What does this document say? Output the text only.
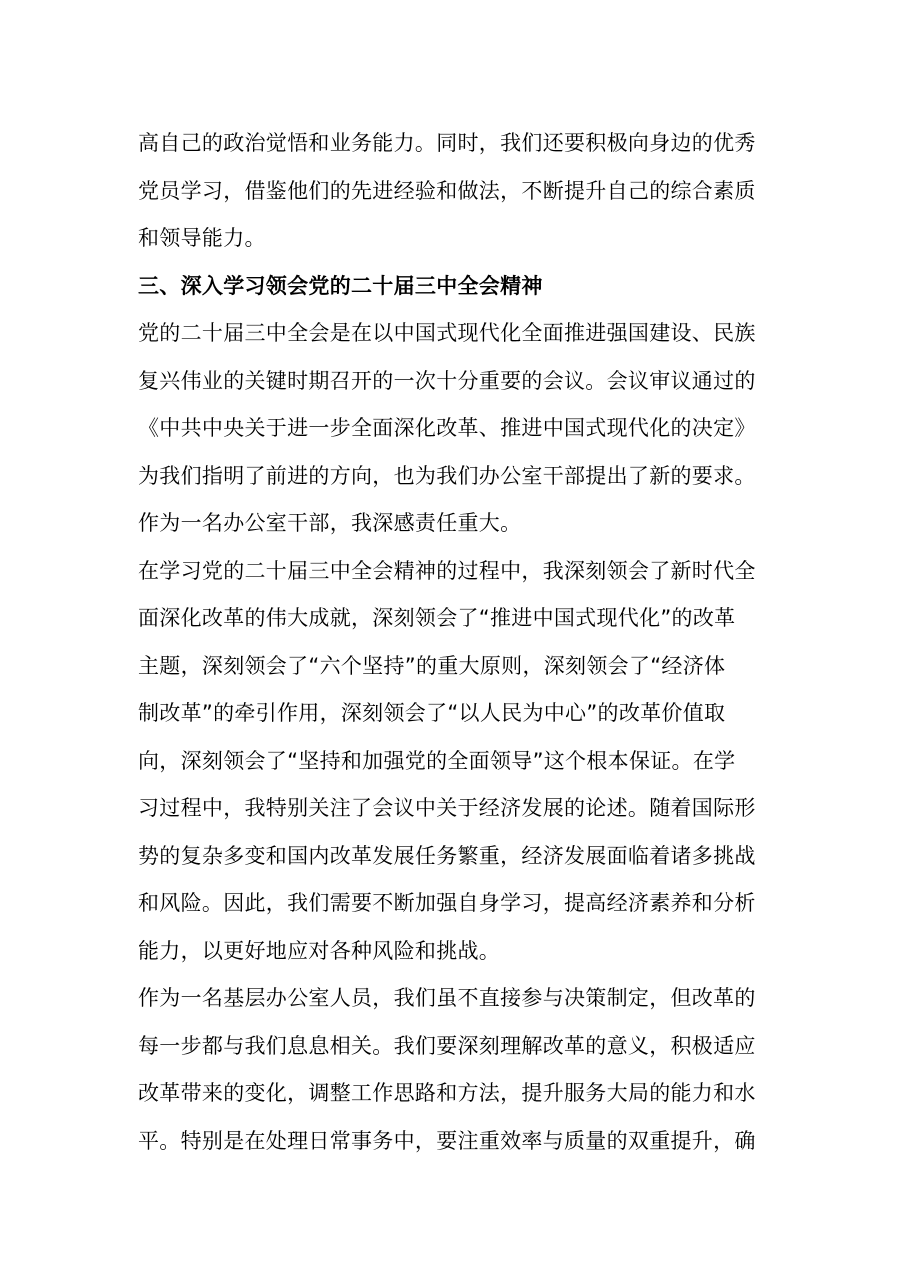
高自己的政治觉悟和业务能力。同时，我们还要积极向身边的优秀
党员学习，借鉴他们的先进经验和做法，不断提升自己的综合素质
和领导能力。
三、深入学习领会党的二十届三中全会精神
党的二十届三中全会是在以中国式现代化全面推进强国建设、民族
复兴伟业的关键时期召开的一次十分重要的会议。会议审议通过的
《中共中央关于进一步全面深化改革、推进中国式现代化的决定》
为我们指明了前进的方向，也为我们办公室干部提出了新的要求。
作为一名办公室干部，我深感责任重大。
在学习党的二十届三中全会精神的过程中，我深刻领会了新时代全
面深化改革的伟大成就，深刻领会了“推进中国式现代化”的改革
主题，深刻领会了“六个坚持”的重大原则，深刻领会了“经济体
制改革”的牵引作用，深刻领会了“以人民为中心”的改革价值取
向，深刻领会了“坚持和加强党的全面领导”这个根本保证。在学
习过程中，我特别关注了会议中关于经济发展的论述。随着国际形
势的复杂多变和国内改革发展任务繁重，经济发展面临着诸多挑战
和风险。因此，我们需要不断加强自身学习，提高经济素养和分析
能力，以更好地应对各种风险和挑战。
作为一名基层办公室人员，我们虽不直接参与决策制定，但改革的
每一步都与我们息息相关。我们要深刻理解改革的意义，积极适应
改革带来的变化，调整工作思路和方法，提升服务大局的能力和水
平。特别是在处理日常事务中，要注重效率与质量的双重提升，确
